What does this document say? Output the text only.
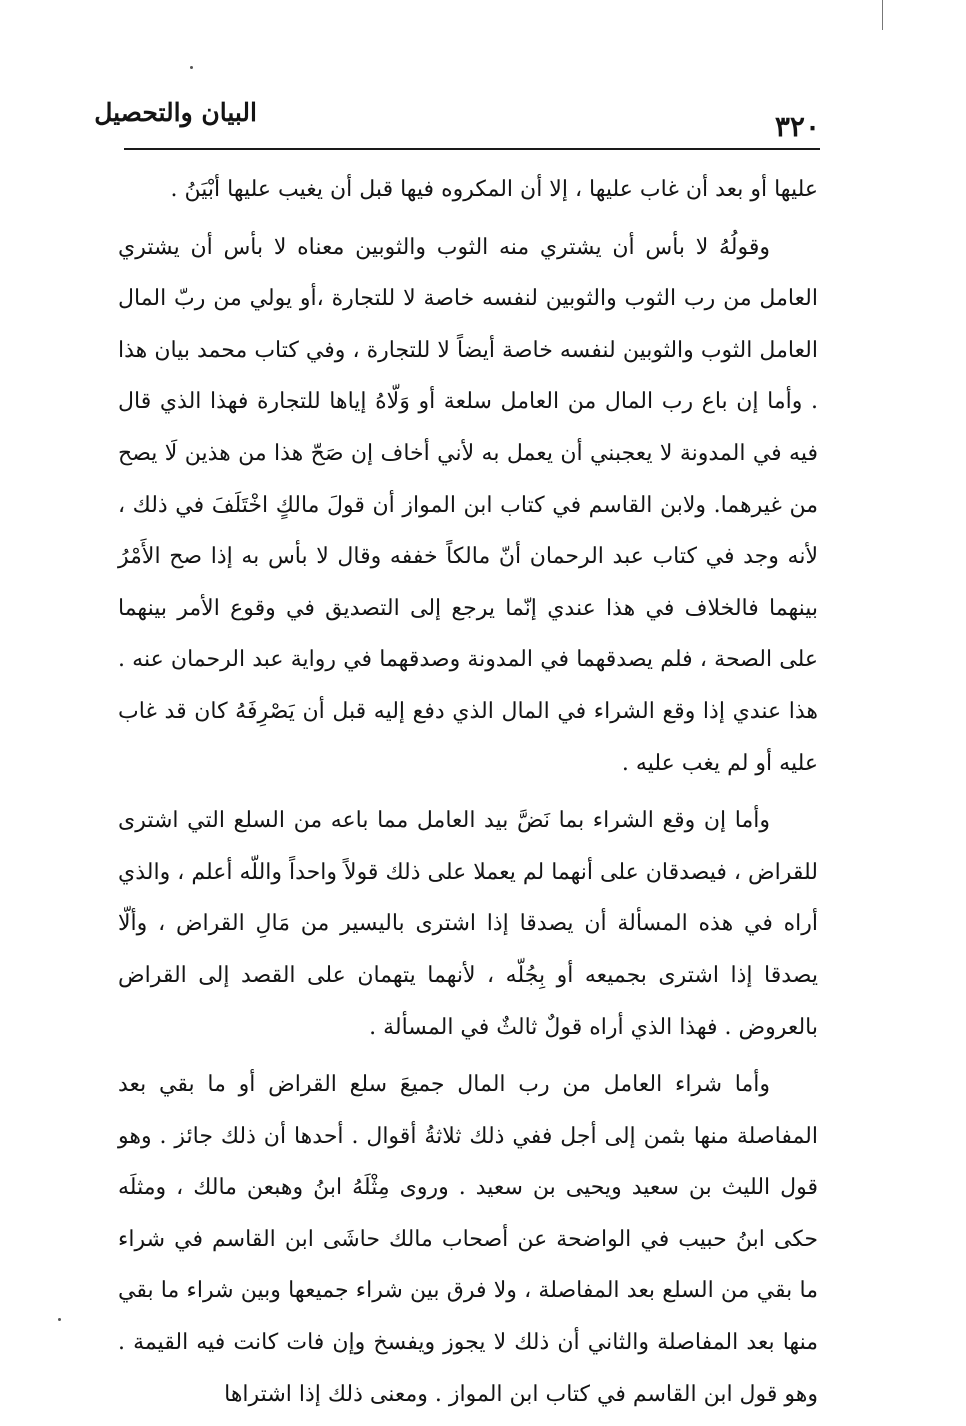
البيان والتحصيل	٣٢٠

عليها أو بعد أن غاب عليها ، إلا أن المكروه فيها قبل أن يغيب عليها أبْيَنُ .

وقولُهُ لا بأس أن يشتري منه الثوب والثوبين معناه لا بأس أن يشتري العامل من رب الثوب والثوبين لنفسه خاصة لا للتجارة ،أو يولي من ربّ المال العامل الثوب والثوبين لنفسه خاصة أيضاً لا للتجارة ، وفي كتاب محمد بيان هذا . وأما إن باع رب المال من العامل سلعة أو وَلّاهُ إياها للتجارة فهذا الذي قال فيه في المدونة لا يعجبني أن يعمل به لأني أخاف إن صَحّ هذا من هذين لَا يصح من غيرهما. ولابن القاسم في كتاب ابن المواز أن قولَ مالكٍ اخْتَلَفَ في ذلك ، لأنه وجد في كتاب عبد الرحمان أنّ مالكاً خففه وقال لا بأس به إذا صح الأَمْرُ بينهما فالخلاف في هذا عندي إنّما يرجع إلى التصديق في وقوع الأمر بينهما على الصحة ، فلم يصدقهما في المدونة وصدقهما في رواية عبد الرحمان عنه . هذا عندي إذا وقع الشراء في المال الذي دفع إليه قبل أن يَصْرِفَهُ كان قد غاب عليه أو لم يغب عليه .

وأما إن وقع الشراء بما نَضَّ بيد العامل مما باعه من السلع التي اشترى للقراض ، فيصدقان على أنهما لم يعملا على ذلك قولاً واحداً واللّه أعلم ، والذي أراه في هذه المسألة أن يصدقا إذا اشترى باليسير من مَالِ القراض ، وألّا يصدقا إذا اشترى بجميعه أو بِجُلّه ، لأنهما يتهمان على القصد إلى القراض بالعروض . فهذا الذي أراه قولٌ ثالثٌ في المسألة .

وأما شراء العامل من رب المال جميعَ سلع القراض أو ما بقي بعد المفاصلة منها بثمن إلى أجل ففي ذلك ثلاثةُ أقوال . أحدها أن ذلك جائز . وهو قول الليث بن سعيد ويحيى بن سعيد . وروى مِثْلَهُ ابنُ وهبعن مالك ، ومثلَه حكى ابنُ حبيب في الواضحة عن أصحاب مالك حاشَى ابن القاسم في شراء ما بقي من السلع بعد المفاصلة ، ولا فرق بين شراء جميعها وبين شراء ما بقي منها بعد المفاصلة والثاني أن ذلك لا يجوز ويفسخ وإن فات كانت فيه القيمة . وهو قول ابن القاسم في كتاب ابن المواز . ومعنى ذلك إذا اشتراها
